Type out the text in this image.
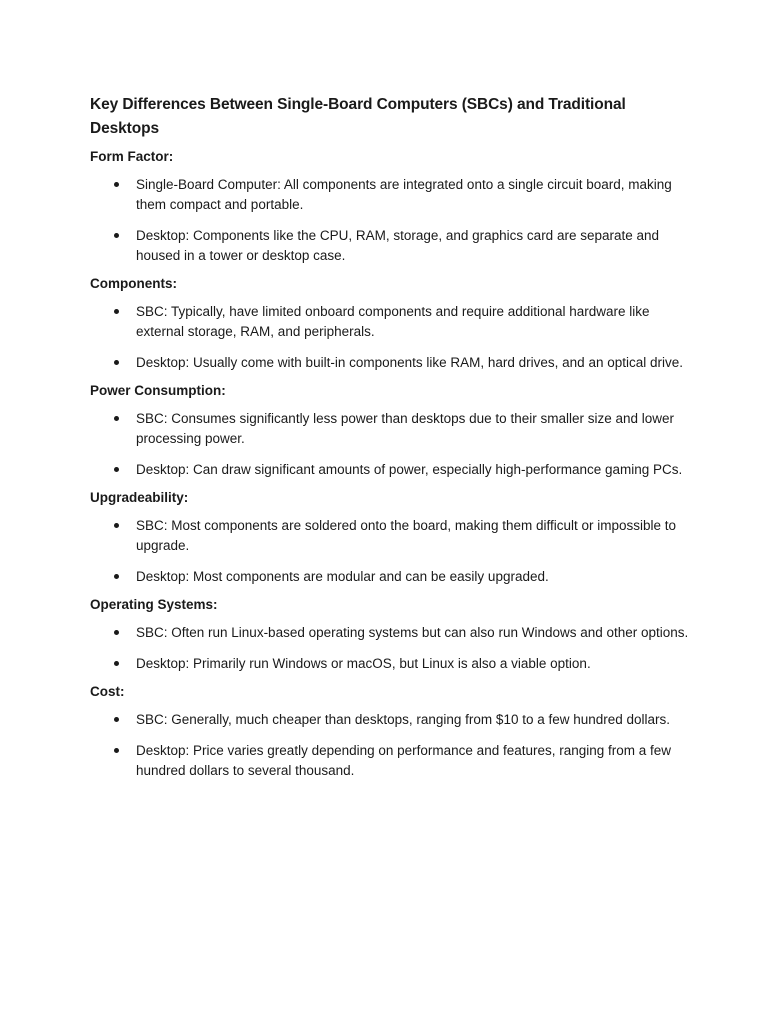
Key Differences Between Single-Board Computers (SBCs) and Traditional Desktops
Form Factor:
Single-Board Computer: All components are integrated onto a single circuit board, making them compact and portable.
Desktop: Components like the CPU, RAM, storage, and graphics card are separate and housed in a tower or desktop case.
Components:
SBC: Typically, have limited onboard components and require additional hardware like external storage, RAM, and peripherals.
Desktop: Usually come with built-in components like RAM, hard drives, and an optical drive.
Power Consumption:
SBC: Consumes significantly less power than desktops due to their smaller size and lower processing power.
Desktop: Can draw significant amounts of power, especially high-performance gaming PCs.
Upgradeability:
SBC: Most components are soldered onto the board, making them difficult or impossible to upgrade.
Desktop: Most components are modular and can be easily upgraded.
Operating Systems:
SBC: Often run Linux-based operating systems but can also run Windows and other options.
Desktop: Primarily run Windows or macOS, but Linux is also a viable option.
Cost:
SBC: Generally, much cheaper than desktops, ranging from $10 to a few hundred dollars.
Desktop: Price varies greatly depending on performance and features, ranging from a few hundred dollars to several thousand.
